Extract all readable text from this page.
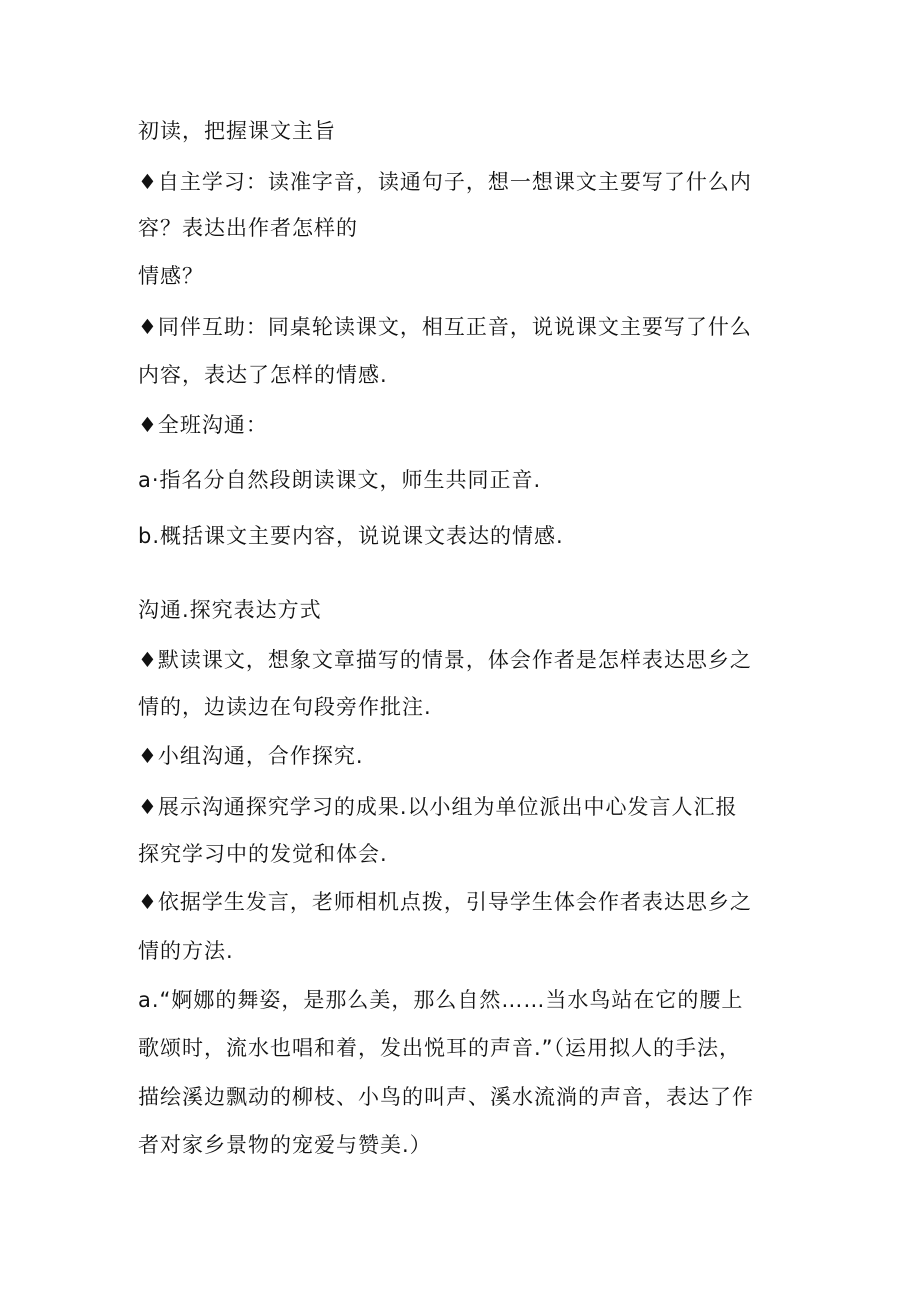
初读，把握课文主旨
♦自主学习：读准字音，读通句子，想一想课文主要写了什么内
容？表达出作者怎样的
情感？
♦同伴互助：同桌轮读课文，相互正音，说说课文主要写了什么
内容，表达了怎样的情感.
♦全班沟通：
a·指名分自然段朗读课文，师生共同正音.
b.概括课文主要内容，说说课文表达的情感.
沟通.探究表达方式
♦默读课文，想象文章描写的情景，体会作者是怎样表达思乡之
情的，边读边在句段旁作批注.
♦小组沟通，合作探究.
♦展示沟通探究学习的成果.以小组为单位派出中心发言人汇报
探究学习中的发觉和体会.
♦依据学生发言，老师相机点拨，引导学生体会作者表达思乡之
情的方法.
a.“婀娜的舞姿，是那么美，那么自然……当水鸟站在它的腰上
歌颂时，流水也唱和着，发出悦耳的声音.”（运用拟人的手法，
描绘溪边飘动的柳枝、小鸟的叫声、溪水流淌的声音，表达了作
者对家乡景物的宠爱与赞美.）
